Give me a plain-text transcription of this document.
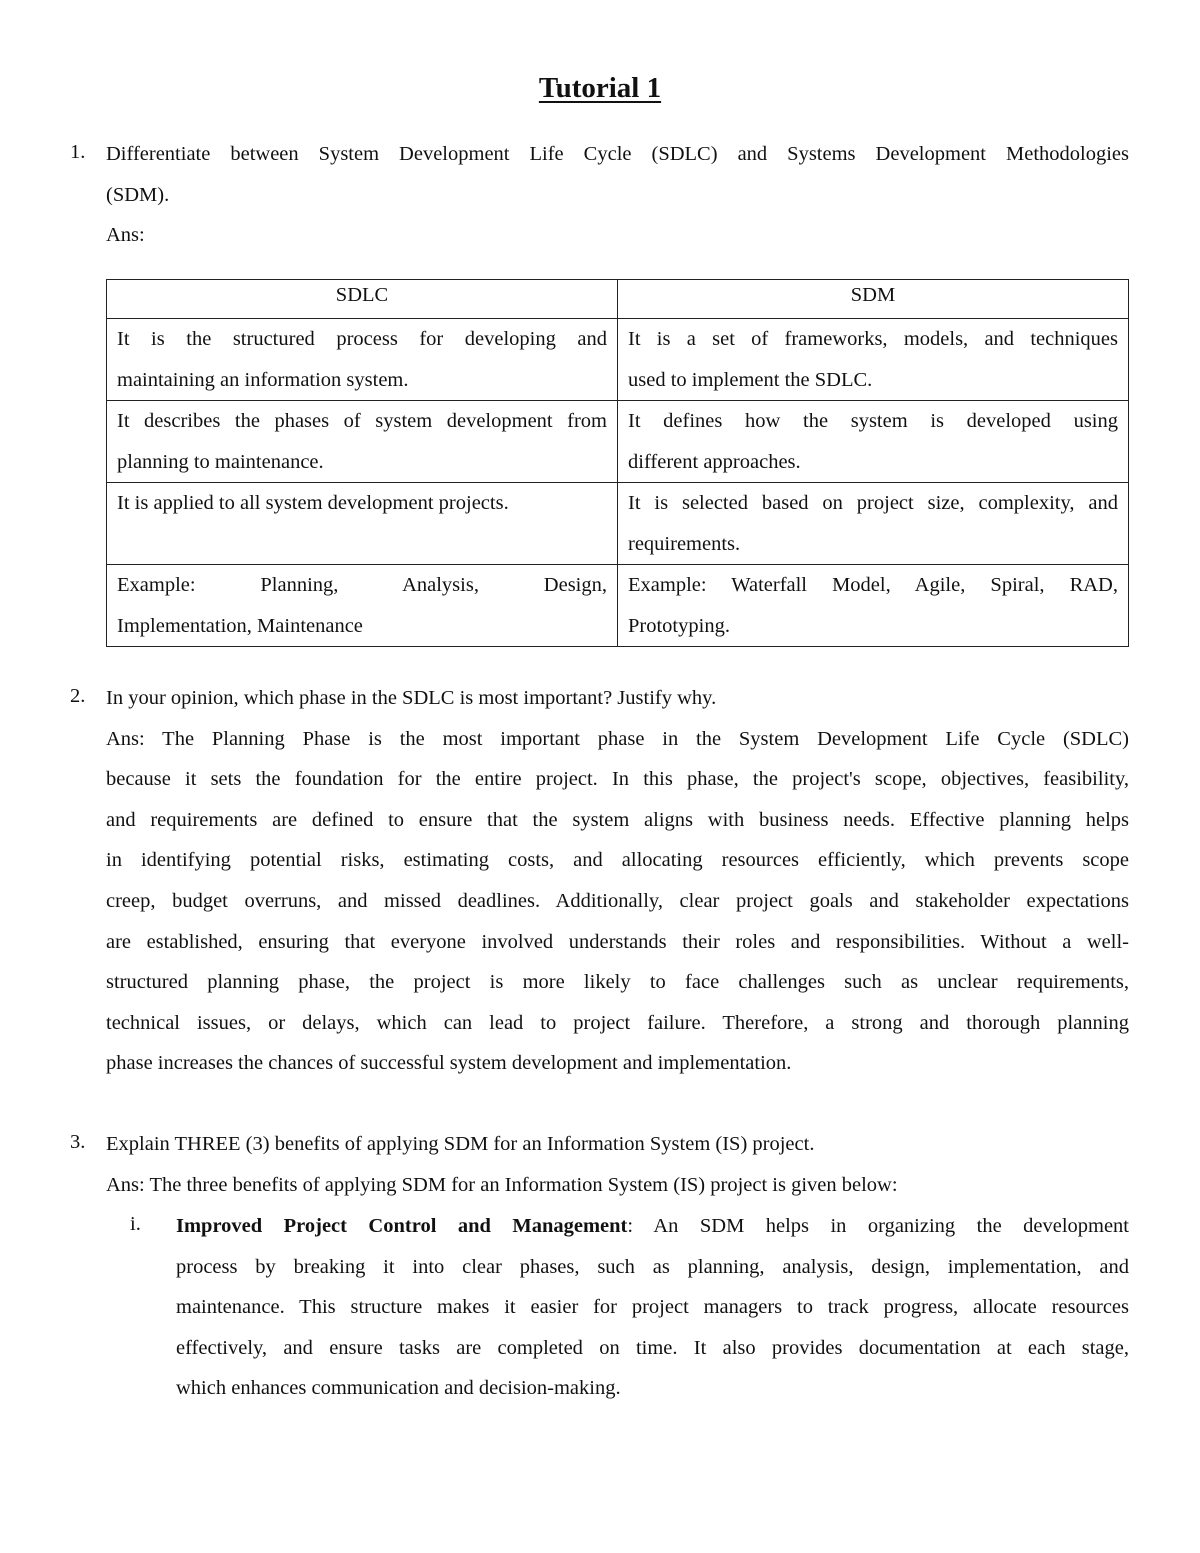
Tutorial 1
1. Differentiate between System Development Life Cycle (SDLC) and Systems Development Methodologies
(SDM).
Ans:
SDLC	SDM

It is the structured process for developing and
maintaining an information system.	It is a set of frameworks, models, and techniques
used to implement the SDLC.

It describes the phases of system development from
planning to maintenance.	It defines how the system is developed using
different approaches.

It is applied to all system development projects.	It is selected based on project size, complexity, and
requirements.

Example: Planning, Analysis, Design,
Implementation, Maintenance	Example: Waterfall Model, Agile, Spiral, RAD,
Prototyping.
2. In your opinion, which phase in the SDLC is most important? Justify why.
Ans: The Planning Phase is the most important phase in the System Development Life Cycle (SDLC)
because it sets the foundation for the entire project. In this phase, the project's scope, objectives, feasibility,
and requirements are defined to ensure that the system aligns with business needs. Effective planning helps
in identifying potential risks, estimating costs, and allocating resources efficiently, which prevents scope
creep, budget overruns, and missed deadlines. Additionally, clear project goals and stakeholder expectations
are established, ensuring that everyone involved understands their roles and responsibilities. Without a well-
structured planning phase, the project is more likely to face challenges such as unclear requirements,
technical issues, or delays, which can lead to project failure. Therefore, a strong and thorough planning
phase increases the chances of successful system development and implementation.
3. Explain THREE (3) benefits of applying SDM for an Information System (IS) project.
Ans: The three benefits of applying SDM for an Information System (IS) project is given below:
i. Improved Project Control and Management: An SDM helps in organizing the development
process by breaking it into clear phases, such as planning, analysis, design, implementation, and
maintenance. This structure makes it easier for project managers to track progress, allocate resources
effectively, and ensure tasks are completed on time. It also provides documentation at each stage,
which enhances communication and decision-making.
